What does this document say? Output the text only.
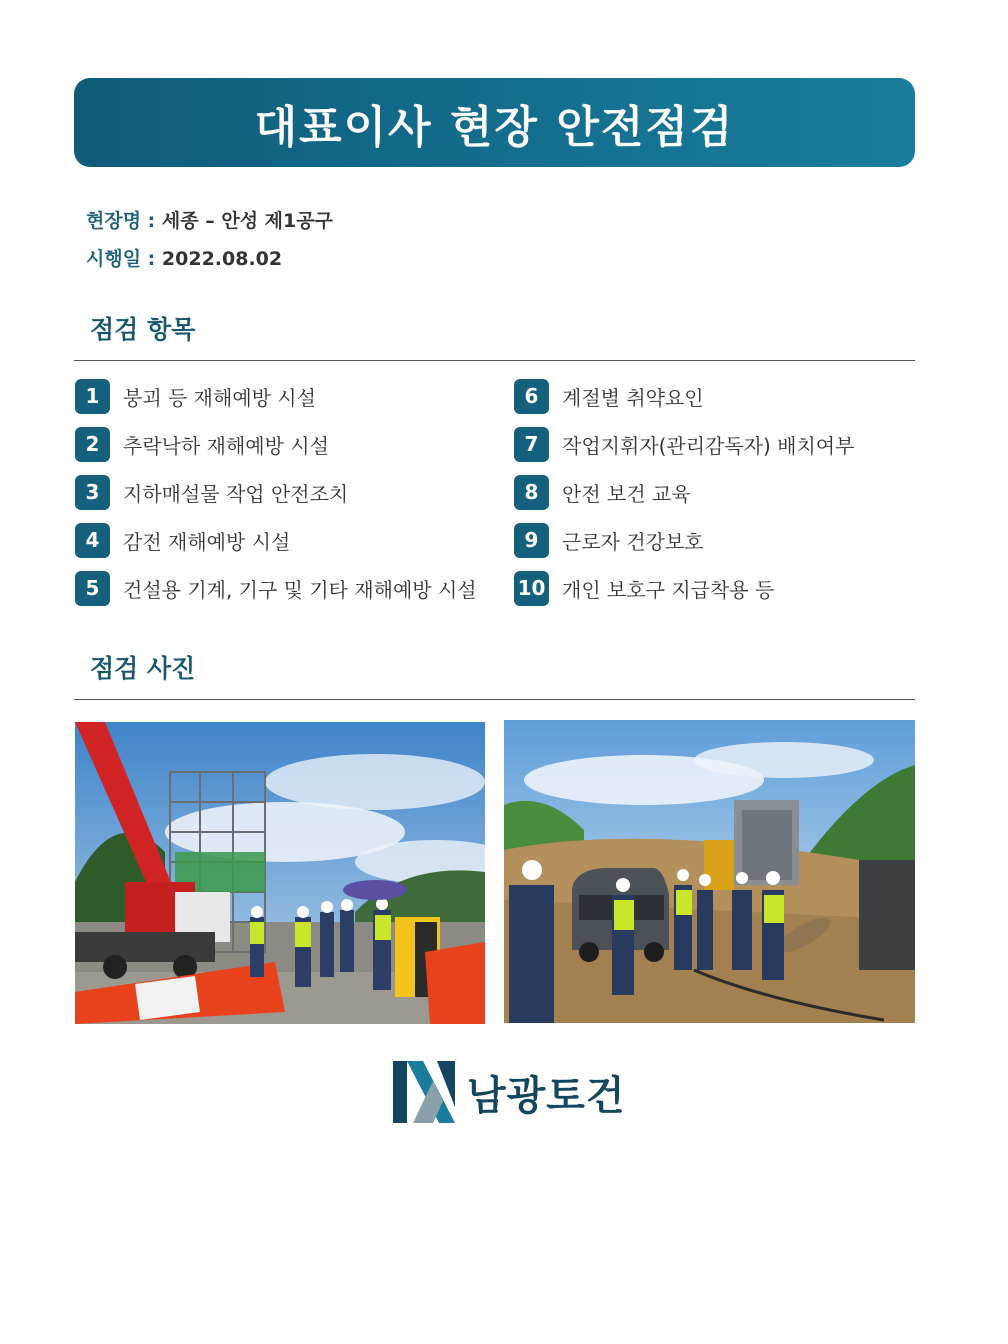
대표이사 현장 안전점검
현장명 : 세종 – 안성 제1공구
시행일 : 2022.08.02
점검 항목
1	붕괴 등 재해예방 시설
2	추락낙하 재해예방 시설
3	지하매설물 작업 안전조치
4	감전 재해예방 시설
5	건설용 기계, 기구 및 기타 재해예방 시설
6	계절별 취약요인
7	작업지휘자(관리감독자) 배치여부
8	안전 보건 교육
9	근로자 건강보호
10 개인 보호구 지급착용 등
점검 사진
남광토건
